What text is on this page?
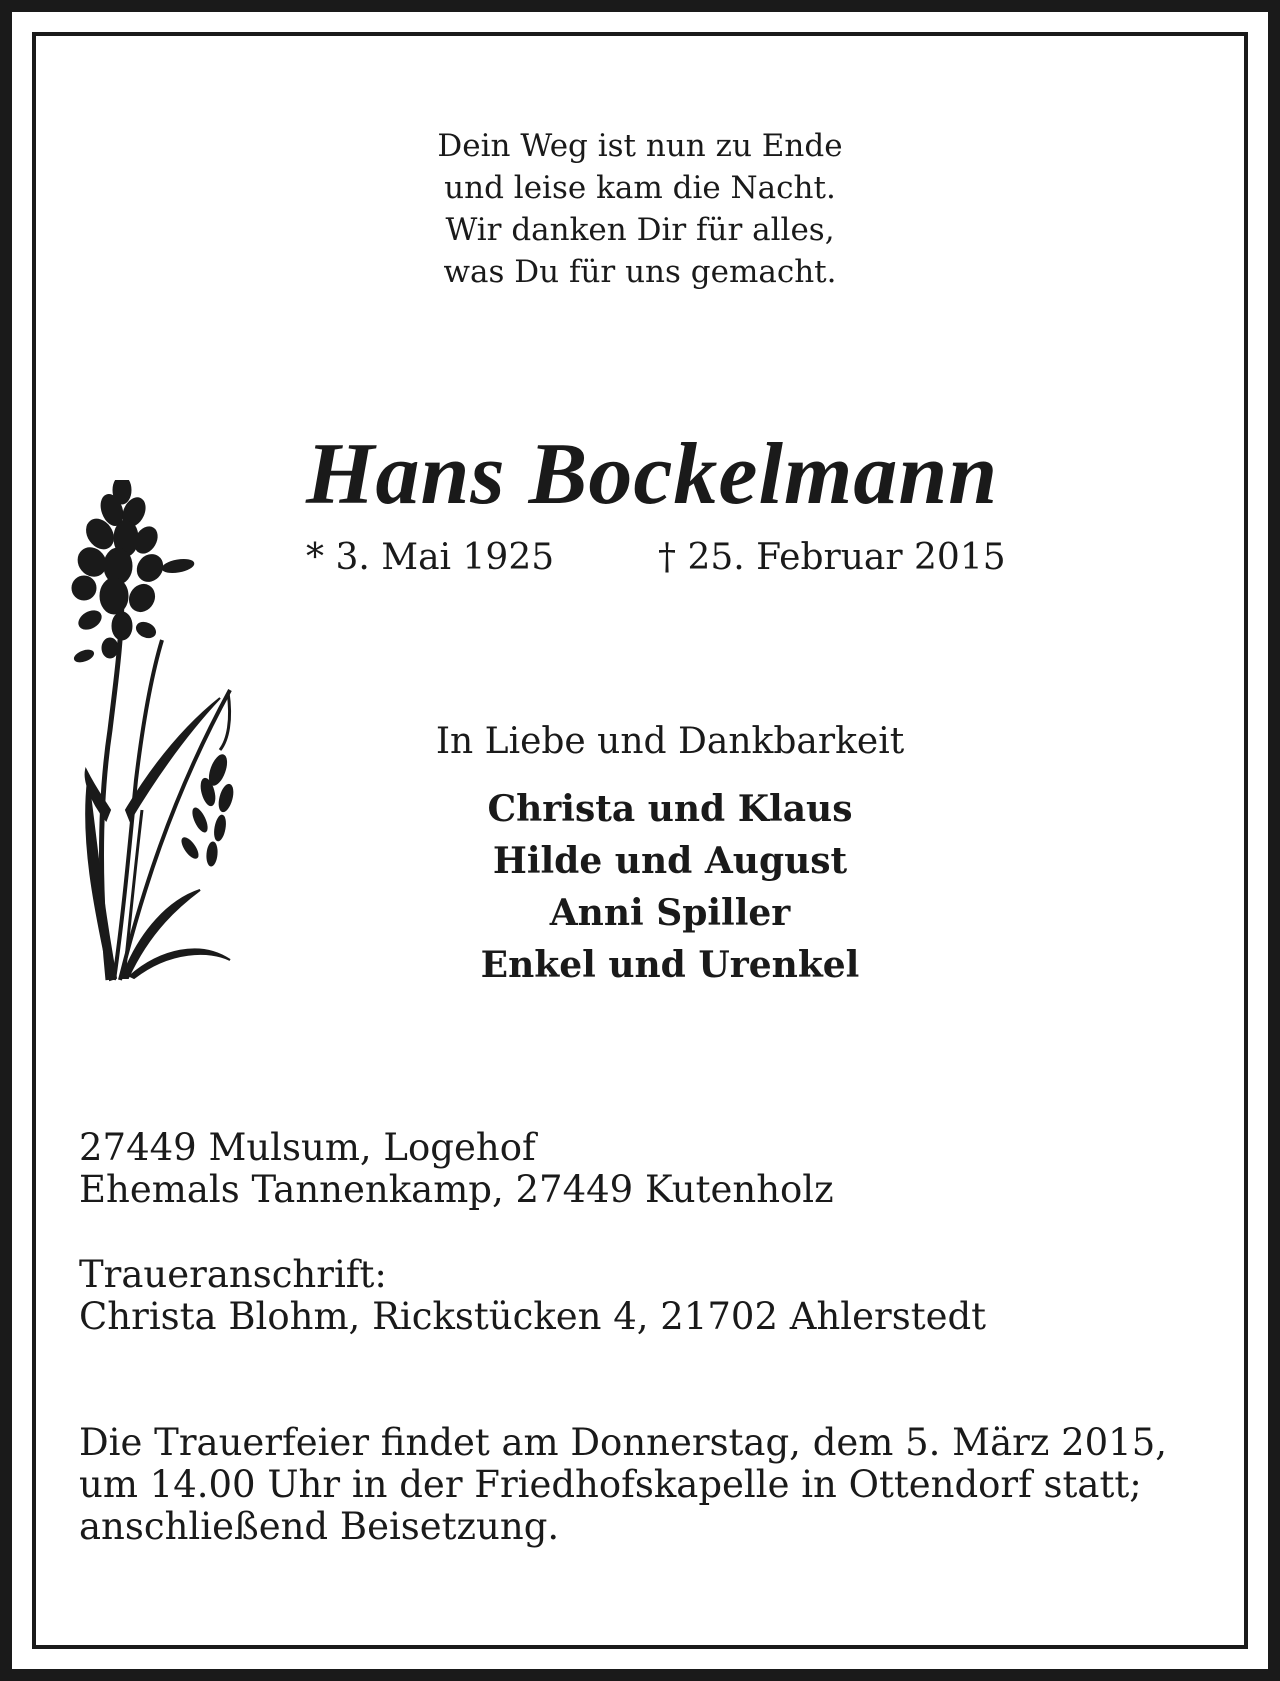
Dein Weg ist nun zu Ende
und leise kam die Nacht.
Wir danken Dir für alles,
was Du für uns gemacht.
Hans Bockelmann
* 3. Mai 1925	† 25. Februar 2015
In Liebe und Dankbarkeit
Christa und Klaus
Hilde und August
Anni Spiller
Enkel und Urenkel
27449 Mulsum, Logehof
Ehemals Tannenkamp, 27449 Kutenholz
Traueranschrift:
Christa Blohm, Rickstücken 4, 21702 Ahlerstedt
Die Trauerfeier findet am Donnerstag, dem 5. März 2015,
um 14.00 Uhr in der Friedhofskapelle in Ottendorf statt;
anschließend Beisetzung.
